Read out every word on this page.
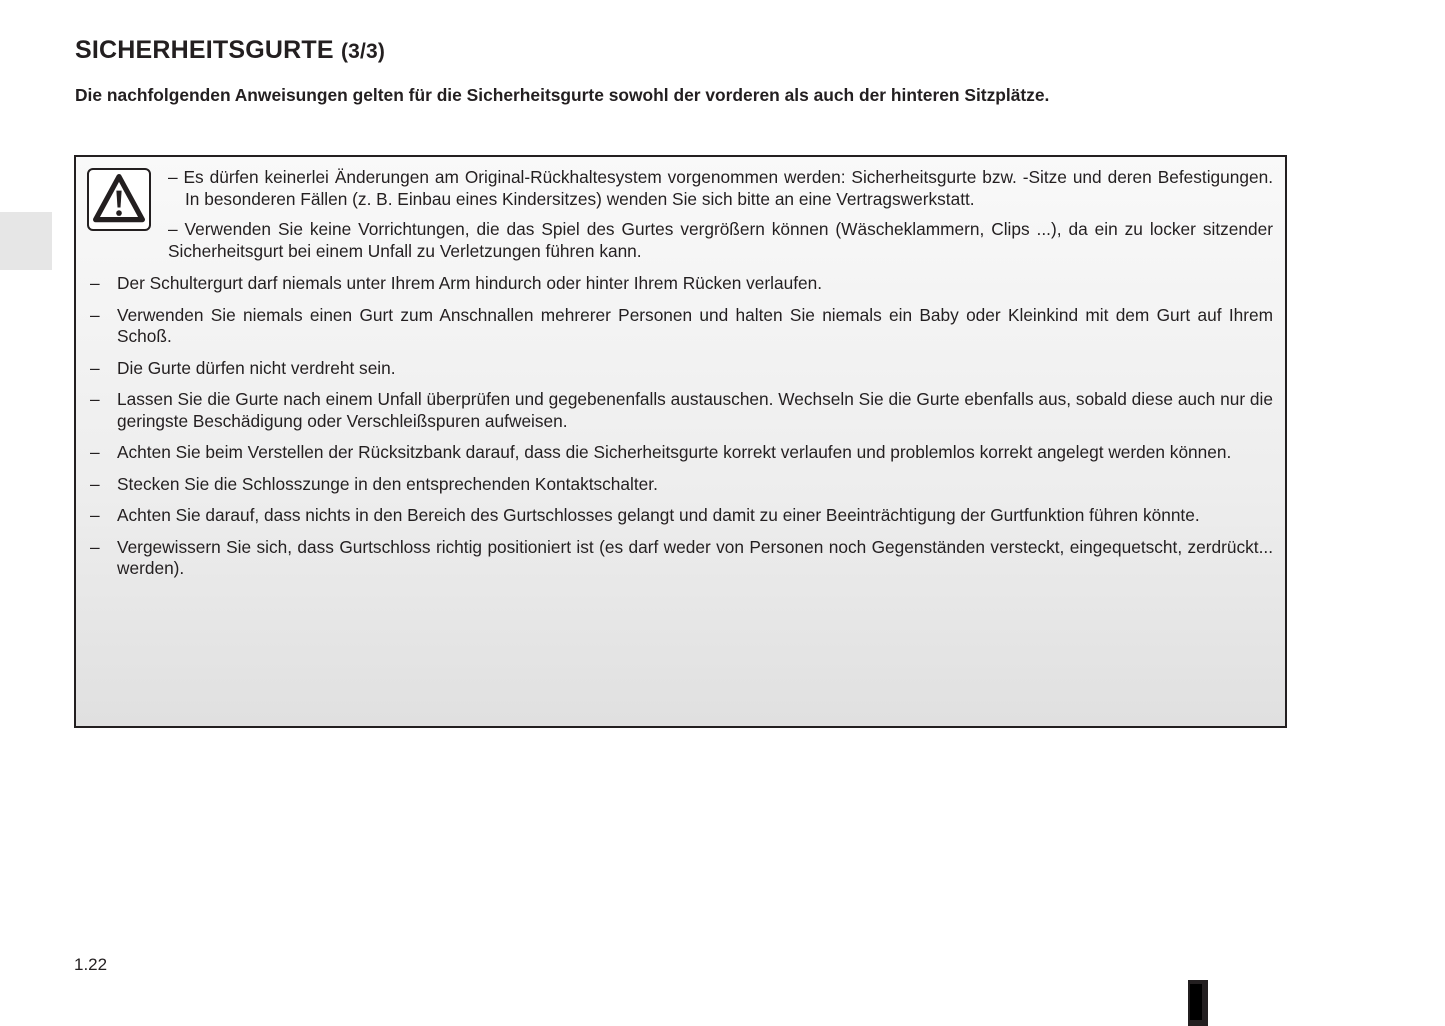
SICHERHEITSGURTE (3/3)

Die nachfolgenden Anweisungen gelten für die Sicherheitsgurte sowohl der vorderen als auch der hinteren Sitzplätze.

– Es dürfen keinerlei Änderungen am Original-Rückhaltesystem vorgenommen werden: Sicherheitsgurte bzw. -Sitze und deren Befestigungen. In besonderen Fällen (z. B. Einbau eines Kindersitzes) wenden Sie sich bitte an eine Vertragswerkstatt.

– Verwenden Sie keine Vorrichtungen, die das Spiel des Gurtes vergrößern können (Wäscheklammern, Clips ...), da ein zu locker sitzender Sicherheitsgurt bei einem Unfall zu Verletzungen führen kann.

– Der Schultergurt darf niemals unter Ihrem Arm hindurch oder hinter Ihrem Rücken verlaufen.
– Verwenden Sie niemals einen Gurt zum Anschnallen mehrerer Personen und halten Sie niemals ein Baby oder Kleinkind mit dem Gurt auf Ihrem Schoß.
– Die Gurte dürfen nicht verdreht sein.
– Lassen Sie die Gurte nach einem Unfall überprüfen und gegebenenfalls austauschen. Wechseln Sie die Gurte ebenfalls aus, sobald diese auch nur die geringste Beschädigung oder Verschleißspuren aufweisen.
– Achten Sie beim Verstellen der Rücksitzbank darauf, dass die Sicherheitsgurte korrekt verlaufen und problemlos korrekt angelegt werden können.
– Stecken Sie die Schlosszunge in den entsprechenden Kontaktschalter.
– Achten Sie darauf, dass nichts in den Bereich des Gurtschlosses gelangt und damit zu einer Beeinträchtigung der Gurtfunktion führen könnte.
– Vergewissern Sie sich, dass Gurtschloss richtig positioniert ist (es darf weder von Personen noch Gegenständen versteckt, eingequetscht, zerdrückt... werden).
1.22
